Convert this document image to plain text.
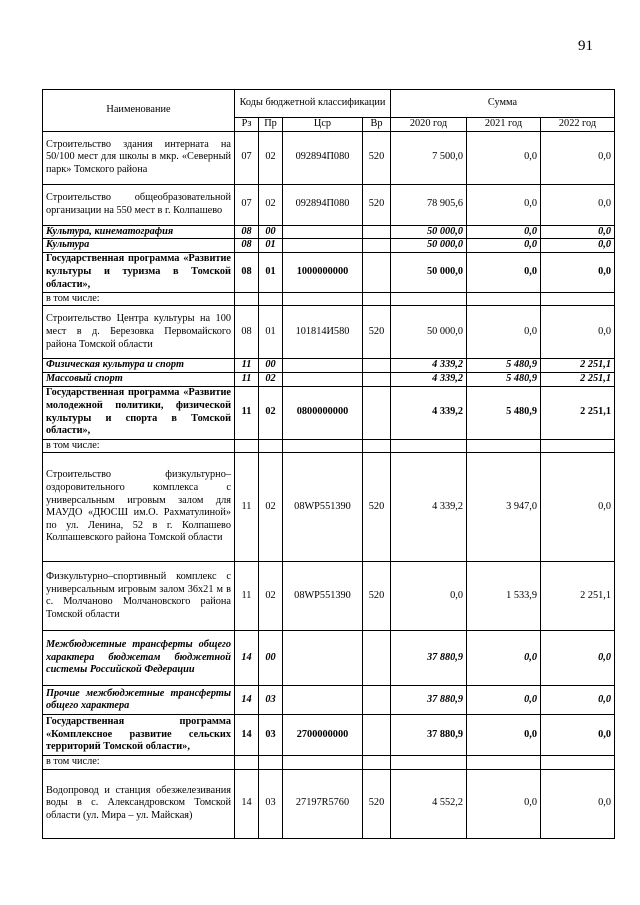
91
Наименование	Коды бюджетной классификации				Сумма		
	Рз	Пр	Цср	Вр	2020 год	2021 год	2022 год
Строительство здания интерната на 50/100 мест для школы в мкр. «Северный парк» Томского района	07	02	092894П080	520	7 500,0	0,0	0,0
Строительство общеобразовательной организации на 550 мест в г. Колпашево	07	02	092894П080	520	78 905,6	0,0	0,0
Культура, кинематография	08	00			50 000,0	0,0	0,0
Культура	08	01			50 000,0	0,0	0,0
Государственная программа «Развитие культуры и туризма в Томской области»,	08	01	1000000000		50 000,0	0,0	0,0
в том числе:							
Строительство Центра культуры на 100 мест в д. Березовка Первомайского района Томской области	08	01	101814И580	520	50 000,0	0,0	0,0
Физическая культура и спорт	11	00			4 339,2	5 480,9	2 251,1
Массовый спорт	11	02			4 339,2	5 480,9	2 251,1
Государственная программа «Развитие молодежной политики, физической культуры и спорта в Томской области»,	11	02	0800000000		4 339,2	5 480,9	2 251,1
в том числе:							
Строительство физкультурно–оздоровительного комплекса с универсальным игровым залом для МАУДО «ДЮСШ им.О. Рахматулиной» по ул. Ленина, 52 в г. Колпашево Колпашевского района Томской области	11	02	08WP551390	520	4 339,2	3 947,0	0,0
Физкультурно–спортивный комплекс с универсальным игровым залом 36х21 м в с. Молчаново Молчановского района Томской области	11	02	08WP551390	520	0,0	1 533,9	2 251,1
Межбюджетные трансферты общего характера бюджетам бюджетной системы Российской Федерации	14	00			37 880,9	0,0	0,0
Прочие межбюджетные трансферты общего характера	14	03			37 880,9	0,0	0,0
Государственная программа «Комплексное развитие сельских территорий Томской области»,	14	03	2700000000		37 880,9	0,0	0,0
в том числе:							
Водопровод и станция обезжелезивания воды в с. Александровском Томской области (ул. Мира – ул. Майская)	14	03	27197R5760	520	4 552,2	0,0	0,0
